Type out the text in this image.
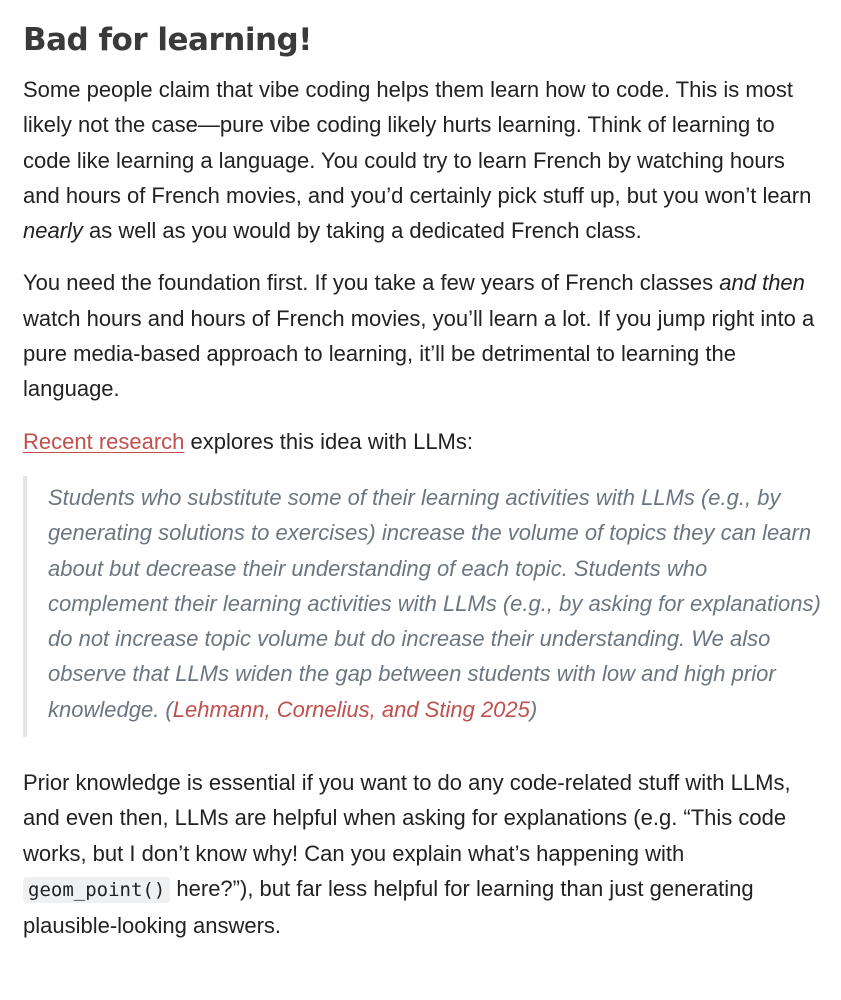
Bad for learning!

Some people claim that vibe coding helps them learn how to code. This is most likely not the case—pure vibe coding likely hurts learning. Think of learning to code like learning a language. You could try to learn French by watching hours and hours of French movies, and you’d certainly pick stuff up, but you won’t learn nearly as well as you would by taking a dedicated French class.

You need the foundation first. If you take a few years of French classes and then watch hours and hours of French movies, you’ll learn a lot. If you jump right into a pure media-based approach to learning, it’ll be detrimental to learning the language.

Recent research explores this idea with LLMs:

Students who substitute some of their learning activities with LLMs (e.g., by generating solutions to exercises) increase the volume of topics they can learn about but decrease their understanding of each topic. Students who complement their learning activities with LLMs (e.g., by asking for explanations) do not increase topic volume but do increase their understanding. We also observe that LLMs widen the gap between students with low and high prior knowledge. (Lehmann, Cornelius, and Sting 2025)

Prior knowledge is essential if you want to do any code-related stuff with LLMs, and even then, LLMs are helpful when asking for explanations (e.g. “This code works, but I don’t know why! Can you explain what’s happening with geom_point() here?”), but far less helpful for learning than just generating plausible-looking answers.
